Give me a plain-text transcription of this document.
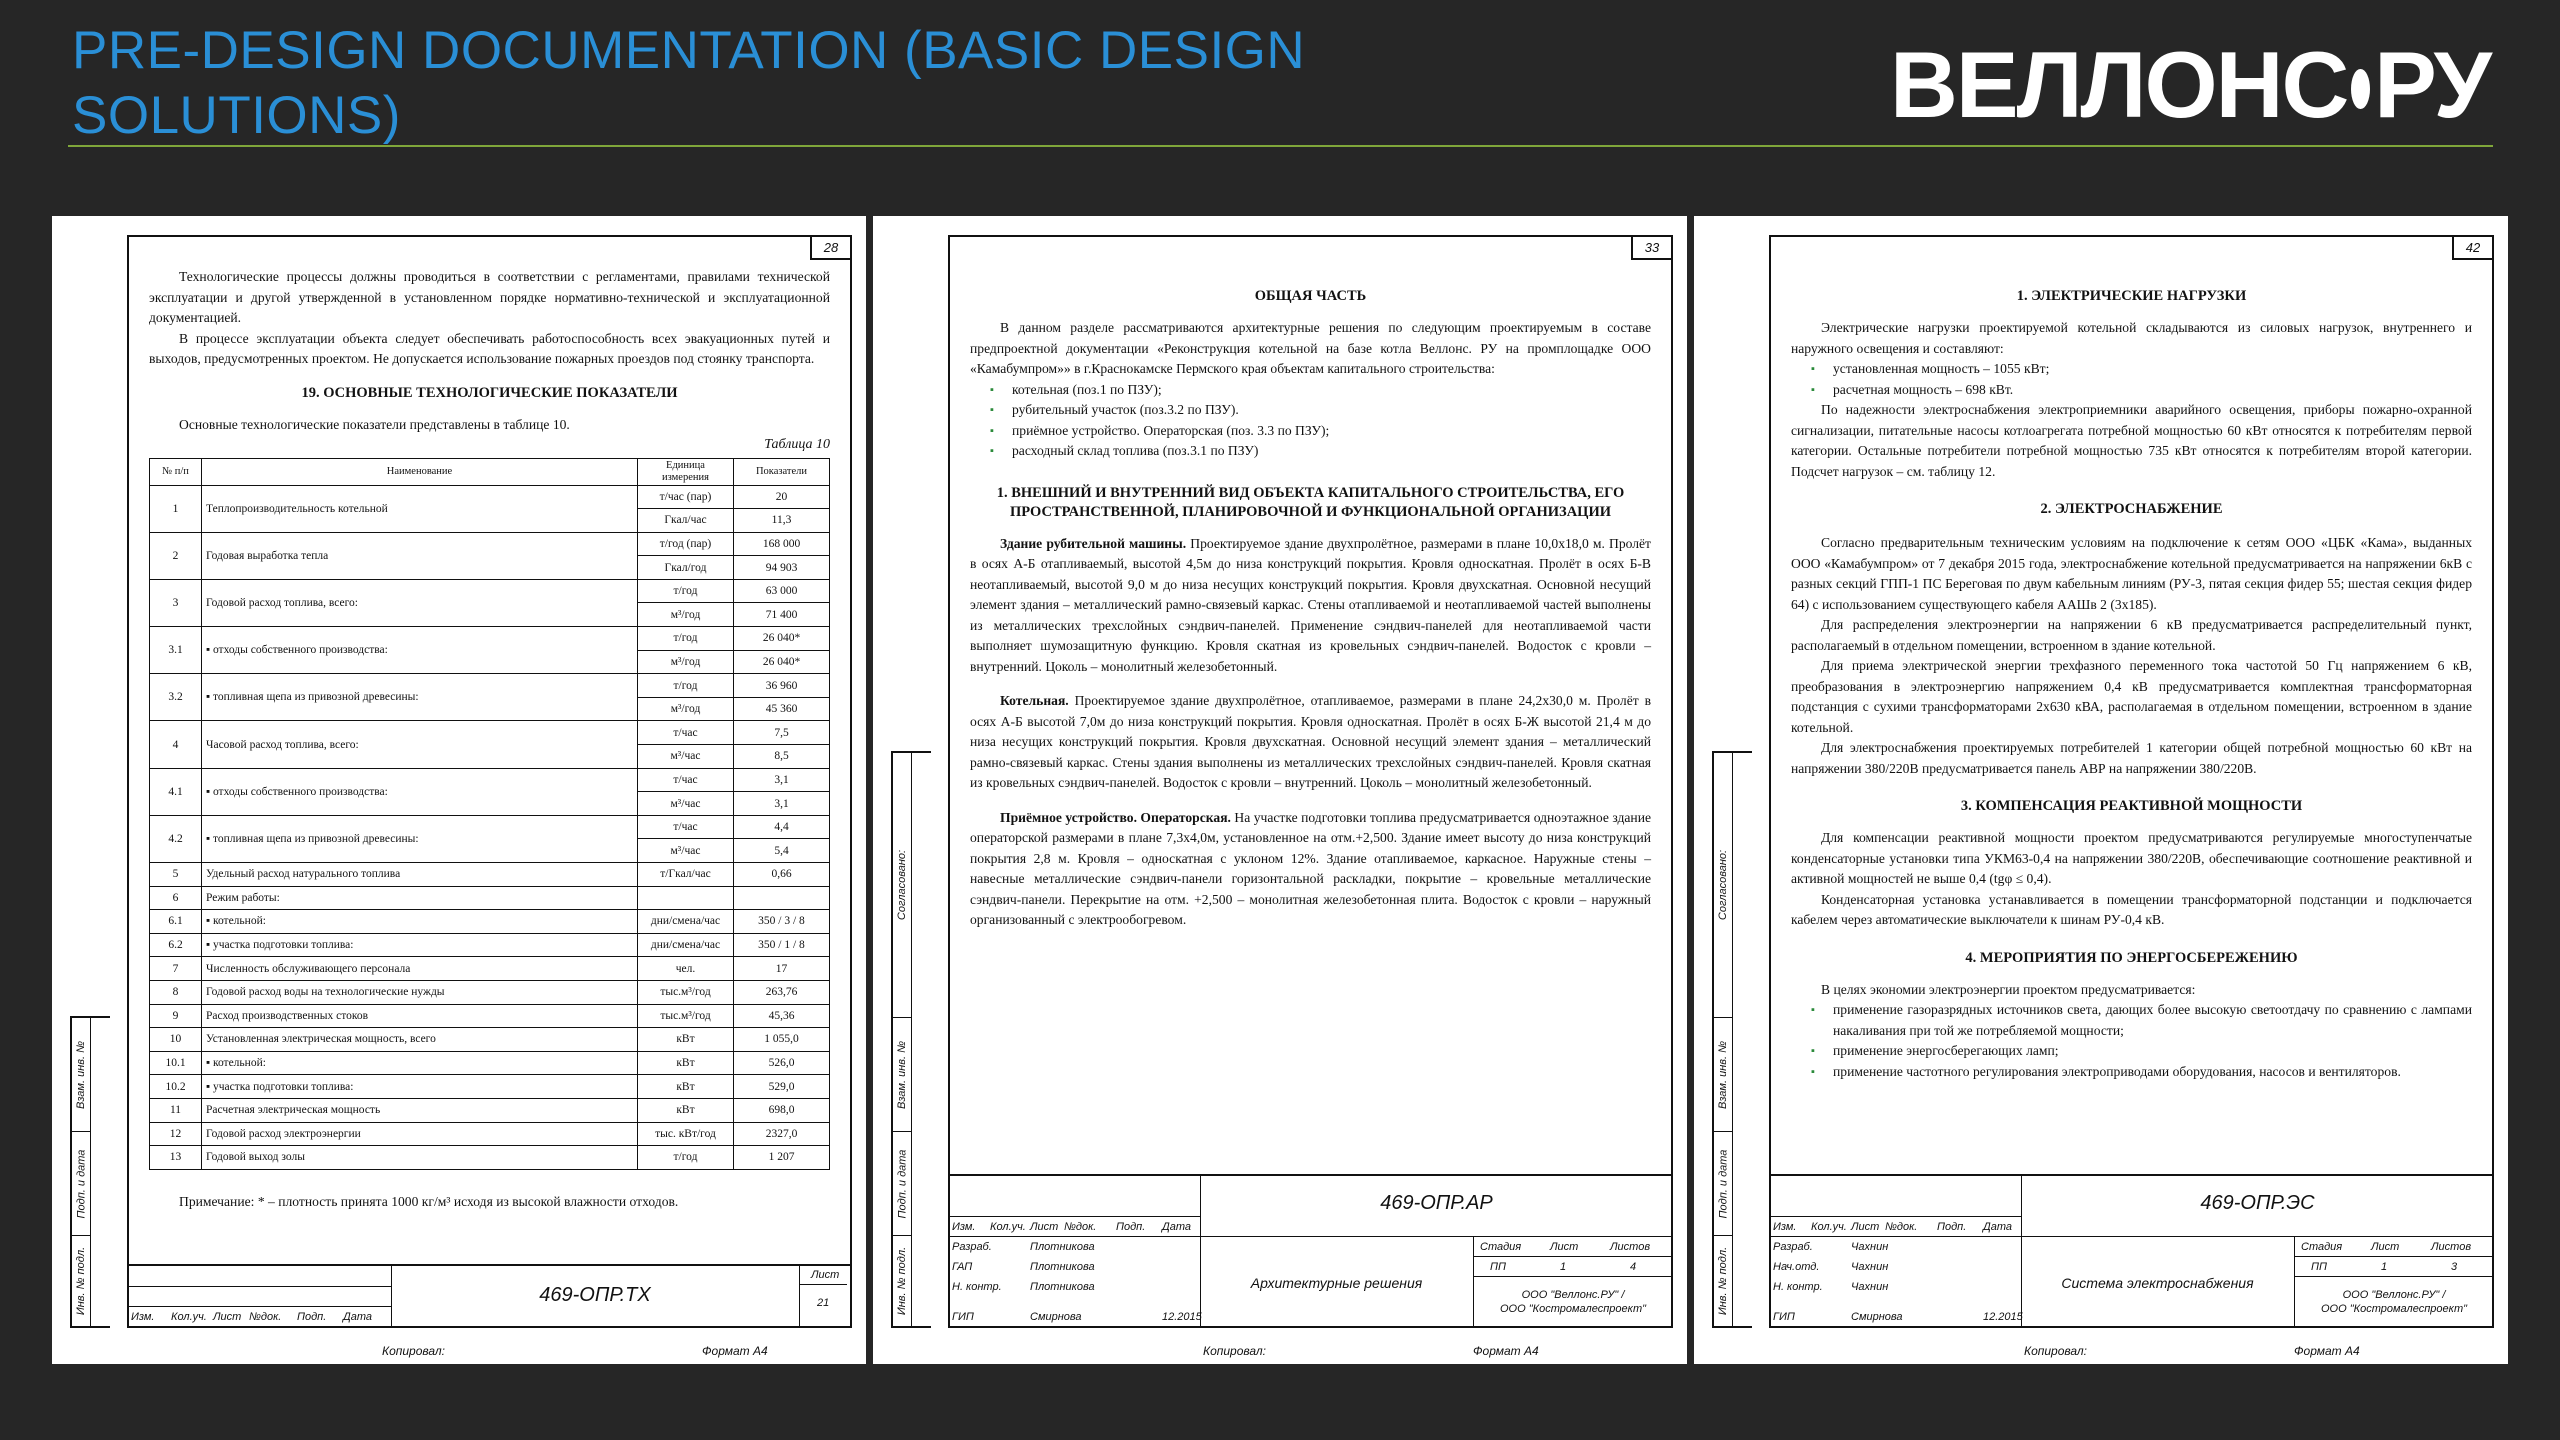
PRE-DESIGN DOCUMENTATION (BASIC DESIGN SOLUTIONS)	ВЕЛЛОНС РУ
Взам. инв. №
Подп. и дата
Инв. № подл.
28

Технологические процессы должны проводиться в соответствии с регламентами, правилами технической эксплуатации и другой утвержденной в установленном порядке нормативно-технической и эксплуатационной документацией.

В процессе эксплуатации объекта следует обеспечивать работоспособность всех эвакуационных путей и выходов, предусмотренных проектом. Не допускается использование пожарных проездов под стоянку транспорта.

19. ОСНОВНЫЕ ТЕХНОЛОГИЧЕСКИЕ ПОКАЗАТЕЛИ

Основные технологические показатели представлены в таблице 10.

Таблица 10
№ п/п	Наименование	Единица измерения	Показатели
1	Теплопроизводительность котельной	т/час (пар)	20
		Гкал/час	11,3
2	Годовая выработка тепла	т/год (пар)	168 000
		Гкал/год	94 903
3	Годовой расход топлива, всего:	т/год	63 000
		м³/год	71 400
3.1	▪ отходы собственного производства:	т/год	26 040*
		м³/год	26 040*
3.2	▪ топливная щепа из привозной древесины:	т/год	36 960
		м³/год	45 360
4	Часовой расход топлива, всего:	т/час	7,5
		м³/час	8,5
4.1	▪ отходы собственного производства:	т/час	3,1
		м³/час	3,1
4.2	▪ топливная щепа из привозной древесины:	т/час	4,4
		м³/час	5,4
5	Удельный расход натурального топлива	т/Гкал/час	0,66
6	Режим работы:		
6.1	▪ котельной:	дни/смена/час	350 / 3 / 8
6.2	▪ участка подготовки топлива:	дни/смена/час	350 / 1 / 8
7	Численность обслуживающего персонала	чел.	17
8	Годовой расход воды на технологические нужды	тыс.м³/год	263,76
9	Расход производственных стоков	тыс.м³/год	45,36
10	Установленная электрическая мощность, всего	кВт	1 055,0
10.1	▪ котельной:	кВт	526,0
10.2	▪ участка подготовки топлива:	кВт	529,0
11	Расчетная электрическая мощность	кВт	698,0
12	Годовой расход электроэнергии	тыс. кВт/год	2327,0
13	Годовой выход золы	т/год	1 207

Примечание: * – плотность принята 1000 кг/м³ исходя из высокой влажности отходов.

Изм. Кол.уч. Лист №док. Подп. Дата
469-ОПР.ТХ
Лист
21
Копировал:	Формат А4
Согласовано:
Взам. инв. №
Подп. и дата
Инв. № подл.
33
ОБЩАЯ ЧАСТЬ

В данном разделе рассматриваются архитектурные решения по следующим проектируемым в составе предпроектной документации «Реконструкция котельной на базе котла Веллонс. РУ на промплощадке ООО «Камабумпром»» в г.Краснокамске Пермского края объектам капитального строительства:

▪ котельная (поз.1 по ПЗУ);
▪ рубительный участок (поз.3.2 по ПЗУ).
▪ приёмное устройство. Операторская (поз. 3.3 по ПЗУ);
▪ расходный склад топлива (поз.3.1 по ПЗУ)
1. ВНЕШНИЙ И ВНУТРЕННИЙ ВИД ОБЪЕКТА КАПИТАЛЬНОГО СТРОИТЕЛЬСТВА, ЕГО ПРОСТРАНСТВЕННОЙ, ПЛАНИРОВОЧНОЙ И ФУНКЦИОНАЛЬНОЙ ОРГАНИЗАЦИИ

Здание рубительной машины. Проектируемое здание двухпролётное, размерами в плане 10,0х18,0 м. Пролёт в осях А-Б отапливаемый, высотой 4,5м до низа конструкций покрытия. Кровля односкатная. Пролёт в осях Б-В неотапливаемый, высотой 9,0 м до низа несущих конструкций покрытия. Кровля двухскатная. Основной несущий элемент здания – металлический рамно-связевый каркас. Стены отапливаемой и неотапливаемой частей выполнены из металлических трехслойных сэндвич-панелей. Применение сэндвич-панелей для неотапливаемой части выполняет шумозащитную функцию. Кровля скатная из кровельных сэндвич-панелей. Водосток с кровли – внутренний. Цоколь – монолитный железобетонный.

Котельная. Проектируемое здание двухпролётное, отапливаемое, размерами в плане 24,2х30,0 м. Пролёт в осях А-Б высотой 7,0м до низа конструкций покрытия. Кровля односкатная. Пролёт в осях Б-Ж высотой 21,4 м до низа несущих конструкций покрытия. Кровля двухскатная. Основной несущий элемент здания – металлический рамно-связевый каркас. Стены здания выполнены из металлических трехслойных сэндвич-панелей. Кровля скатная из кровельных сэндвич-панелей. Водосток с кровли – внутренний. Цоколь – монолитный железобетонный.

Приёмное устройство. Операторская. На участке подготовки топлива предусматривается одноэтажное здание операторской размерами в плане 7,3х4,0м, установленное на отм.+2,500. Здание имеет высоту до низа конструкций покрытия 2,8 м. Кровля – односкатная с уклоном 12%. Здание отапливаемое, каркасное. Наружные стены – навесные металлические сэндвич-панели горизонтальной раскладки, покрытие – кровельные металлические сэндвич-панели. Перекрытие на отм. +2,500 – монолитная железобетонная плита. Водосток с кровли – наружный организованный с электрообогревом.

Изм. Кол.уч. Лист №док. Подп. Дата
Разраб.	Плотникова
ГАП	Плотникова
Н. контр.	Плотникова
ГИП	Смирнова	12.2015
469-ОПР.АР
Архитектурные решения
Стадия	Лист	Листов
ПП	1	4
ООО "Веллонс.РУ" /
ООО "Костромалеспроект"
Копировал:	Формат А4
Согласовано:
Взам. инв. №
Подп. и дата
Инв. № подл.
42
1. ЭЛЕКТРИЧЕСКИЕ НАГРУЗКИ

Электрические нагрузки проектируемой котельной складываются из силовых нагрузок, внутреннего и наружного освещения и составляют:

▪ установленная мощность – 1055 кВт;
▪ расчетная мощность – 698 кВт.

По надежности электроснабжения электроприемники аварийного освещения, приборы пожарно-охранной сигнализации, питательные насосы котлоагрегата потребной мощностью 60 кВт относятся к потребителям первой категории. Остальные потребители потребной мощностью 735 кВт относятся к потребителям второй категории. Подсчет нагрузок – см. таблицу 12.

2. ЭЛЕКТРОСНАБЖЕНИЕ

Согласно предварительным техническим условиям на подключение к сетям ООО «ЦБК «Кама», выданных ООО «Камабумпром» от 7 декабря 2015 года, электроснабжение котельной предусматривается на напряжении 6кВ с разных секций ГПП-1 ПС Береговая по двум кабельным линиям (РУ-3, пятая секция фидер 55; шестая секция фидер 64) с использованием существующего кабеля ААШв 2 (3х185).

Для распределения электроэнергии на напряжении 6 кВ предусматривается распределительный пункт, располагаемый в отдельном помещении, встроенном в здание котельной.

Для приема электрической энергии трехфазного переменного тока частотой 50 Гц напряжением 6 кВ, преобразования в электроэнергию напряжением 0,4 кВ предусматривается комплектная трансформаторная подстанция с сухими трансформаторами 2х630 кВА, располагаемая в отдельном помещении, встроенном в здание котельной.

Для электроснабжения проектируемых потребителей 1 категории общей потребной мощностью 60 кВт на напряжении 380/220В предусматривается панель АВР на напряжении 380/220В.

3. КОМПЕНСАЦИЯ РЕАКТИВНОЙ МОЩНОСТИ

Для компенсации реактивной мощности проектом предусматриваются регулируемые многоступенчатые конденсаторные установки типа УКМ63-0,4 на напряжении 380/220В, обеспечивающие соотношение реактивной и активной мощностей не выше 0,4 (tgφ ≤ 0,4).

Конденсаторная установка устанавливается в помещении трансформаторной подстанции и подключается кабелем через автоматические выключатели к шинам РУ-0,4 кВ.

4. МЕРОПРИЯТИЯ ПО ЭНЕРГОСБЕРЕЖЕНИЮ

В целях экономии электроэнергии проектом предусматривается:

▪ применение газоразрядных источников света, дающих более высокую светоотдачу по сравнению с лампами накаливания при той же потребляемой мощности;
▪ применение энергосберегающих ламп;
▪ применение частотного регулирования электроприводами оборудования, насосов и вентиляторов.
Изм. Кол.уч. Лист №док. Подп. Дата
Разраб.	Чахнин
Нач.отд.	Чахнин
Н. контр.	Чахнин
ГИП	Смирнова	12.2015
469-ОПР.ЭС
Система электроснабжения
Стадия	Лист	Листов
ПП	1	3
ООО "Веллонс.РУ" /
ООО "Костромалеспроект"
Копировал:	Формат А4
